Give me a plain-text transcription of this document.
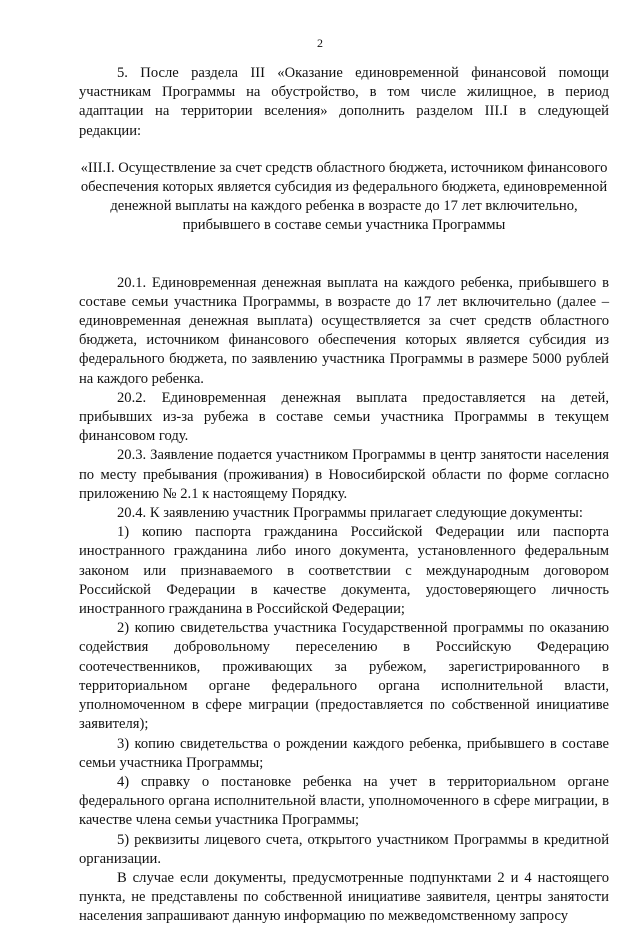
2

5. После раздела III «Оказание единовременной финансовой помощи участникам Программы на обустройство, в том числе жилищное, в период адаптации на территории вселения» дополнить разделом III.I в следующей редакции:

«III.I. Осуществление за счет средств областного бюджета, источником финансового обеспечения которых является субсидия из федерального бюджета, единовременной денежной выплаты на каждого ребенка в возрасте до 17 лет включительно, прибывшего в составе семьи участника Программы

20.1. Единовременная денежная выплата на каждого ребенка, прибывшего в составе семьи участника Программы, в возрасте до 17 лет включительно (далее – единовременная денежная выплата) осуществляется за счет средств областного бюджета, источником финансового обеспечения которых является субсидия из федерального бюджета, по заявлению участника Программы в размере 5000 рублей на каждого ребенка.

20.2. Единовременная денежная выплата предоставляется на детей, прибывших из-за рубежа в составе семьи участника Программы в текущем финансовом году.

20.3. Заявление подается участником Программы в центр занятости населения по месту пребывания (проживания) в Новосибирской области по форме согласно приложению № 2.1 к настоящему Порядку.

20.4. К заявлению участник Программы прилагает следующие документы:

1) копию паспорта гражданина Российской Федерации или паспорта иностранного гражданина либо иного документа, установленного федеральным законом или признаваемого в соответствии с международным договором Российской Федерации в качестве документа, удостоверяющего личность иностранного гражданина в Российской Федерации;

2) копию свидетельства участника Государственной программы по оказанию содействия добровольному переселению в Российскую Федерацию соотечественников, проживающих за рубежом, зарегистрированного в территориальном органе федерального органа исполнительной власти, уполномоченном в сфере миграции (предоставляется по собственной инициативе заявителя);

3) копию свидетельства о рождении каждого ребенка, прибывшего в составе семьи участника Программы;

4) справку о постановке ребенка на учет в территориальном органе федерального органа исполнительной власти, уполномоченного в сфере миграции, в качестве члена семьи участника Программы;

5) реквизиты лицевого счета, открытого участником Программы в кредитной организации.

В случае если документы, предусмотренные подпунктами 2 и 4 настоящего пункта, не представлены по собственной инициативе заявителя, центры занятости населения запрашивают данную информацию по межведомственному запросу
